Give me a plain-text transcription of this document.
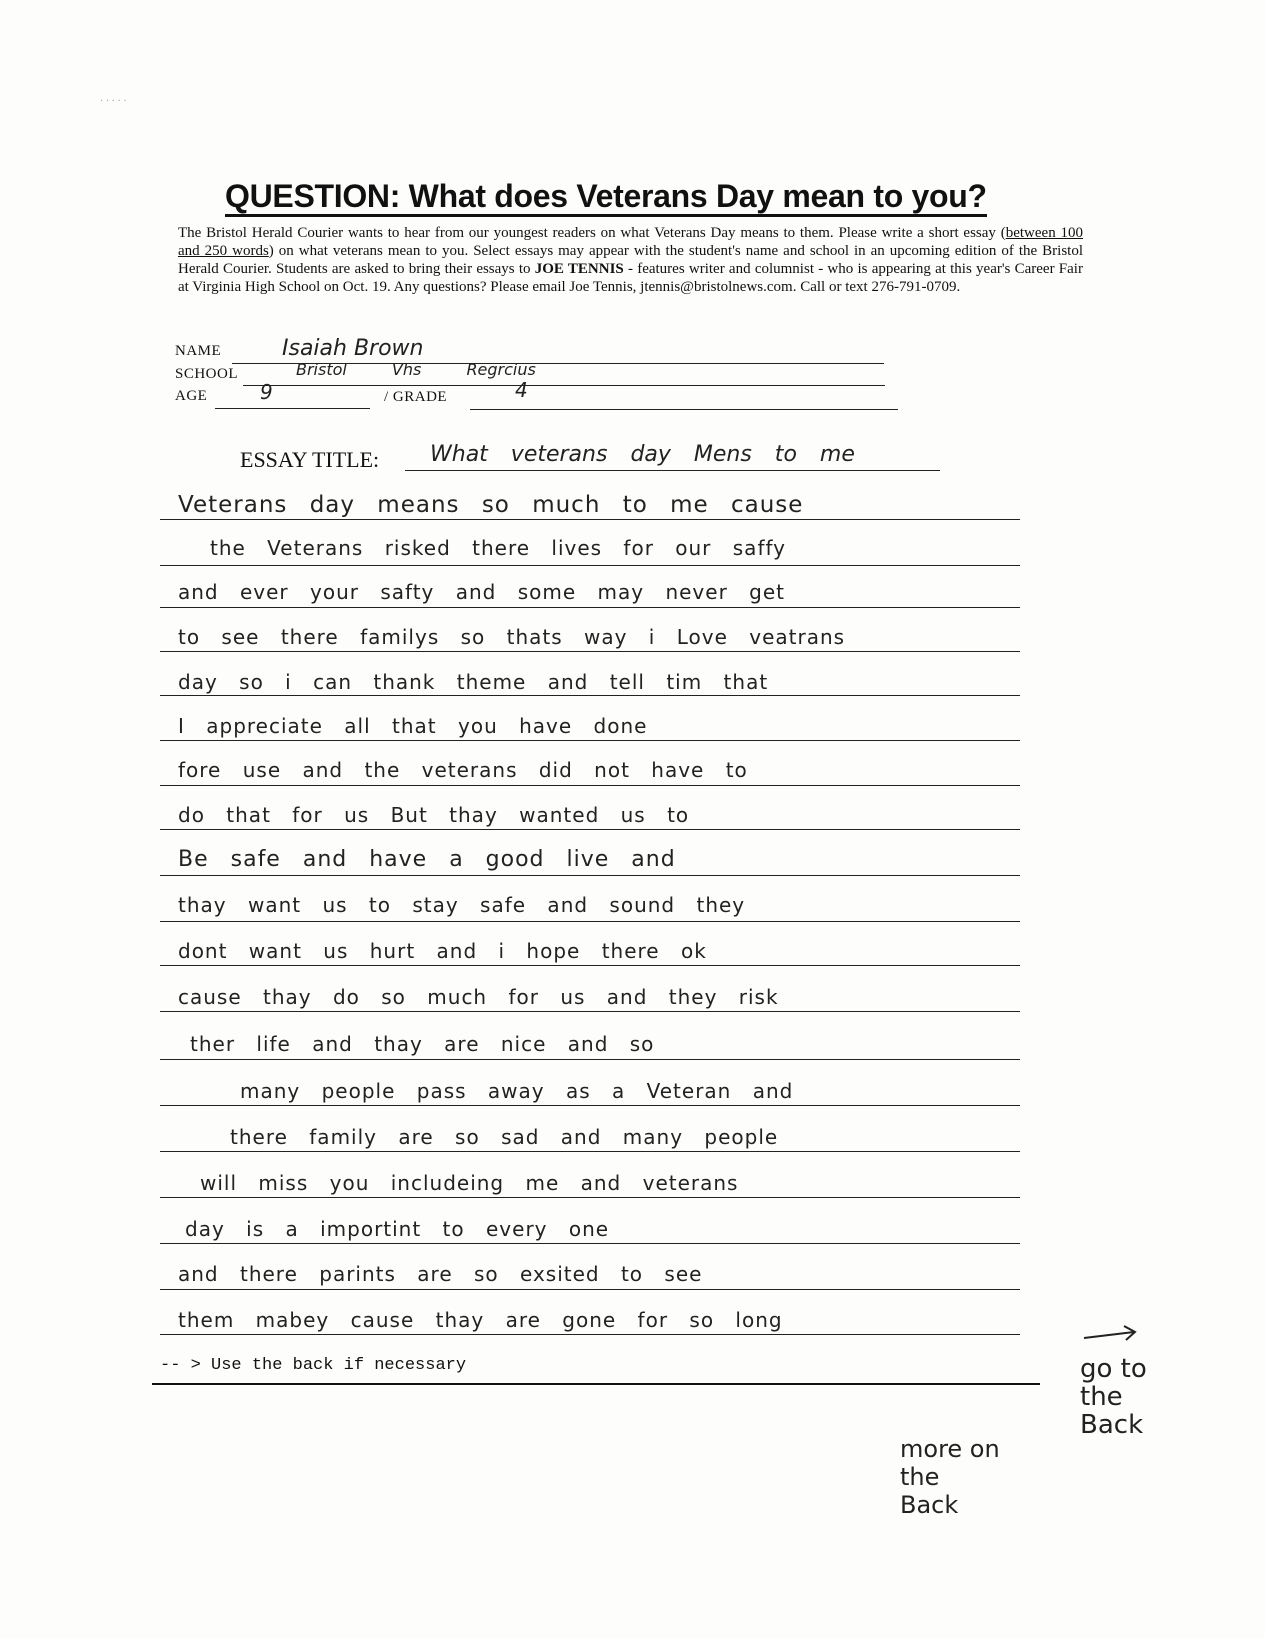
· · · · ·
QUESTION: What does Veterans Day mean to you?
The Bristol Herald Courier wants to hear from our youngest readers on what Veterans Day means to them. Please write a short essay (between 100 and 250 words) on what veterans mean to you. Select essays may appear with the student's name and school in an upcoming edition of the Bristol Herald Courier. Students are asked to bring their essays to JOE TENNIS - features writer and columnist - who is appearing at this year's Career Fair at Virginia High School on Oct. 19. Any questions? Please email Joe Tennis, jtennis@bristolnews.com. Call or text 276-791-0709.
NAME	Isaiah Brown
SCHOOL	Bristol Vhs Regrcius
AGE	9	/ GRADE	4
ESSAY TITLE: What veterans day Mens to me
Veterans day means so much to me cause
the Veterans risked there lives for our saffy
and ever your safty and some may never get
to see there familys so thats way i Love veatrans
day so i can thank theme and tell tim that
I appreciate all that you have done
fore use and the veterans did not have to
do that for us But thay wanted us to
Be safe and have a good live and
thay want us to stay safe and sound they
dont want us hurt and i hope there ok
cause thay do so much for us and they risk
ther life and thay are nice and so
many people pass away as a Veteran and
there family are so sad and many people
will miss you includeing me and veterans
day is a importint to every one
and there parints are so exsited to see
them mabey cause thay are gone for so long
-- > Use the back if necessary	go to the Back
more on the Back
